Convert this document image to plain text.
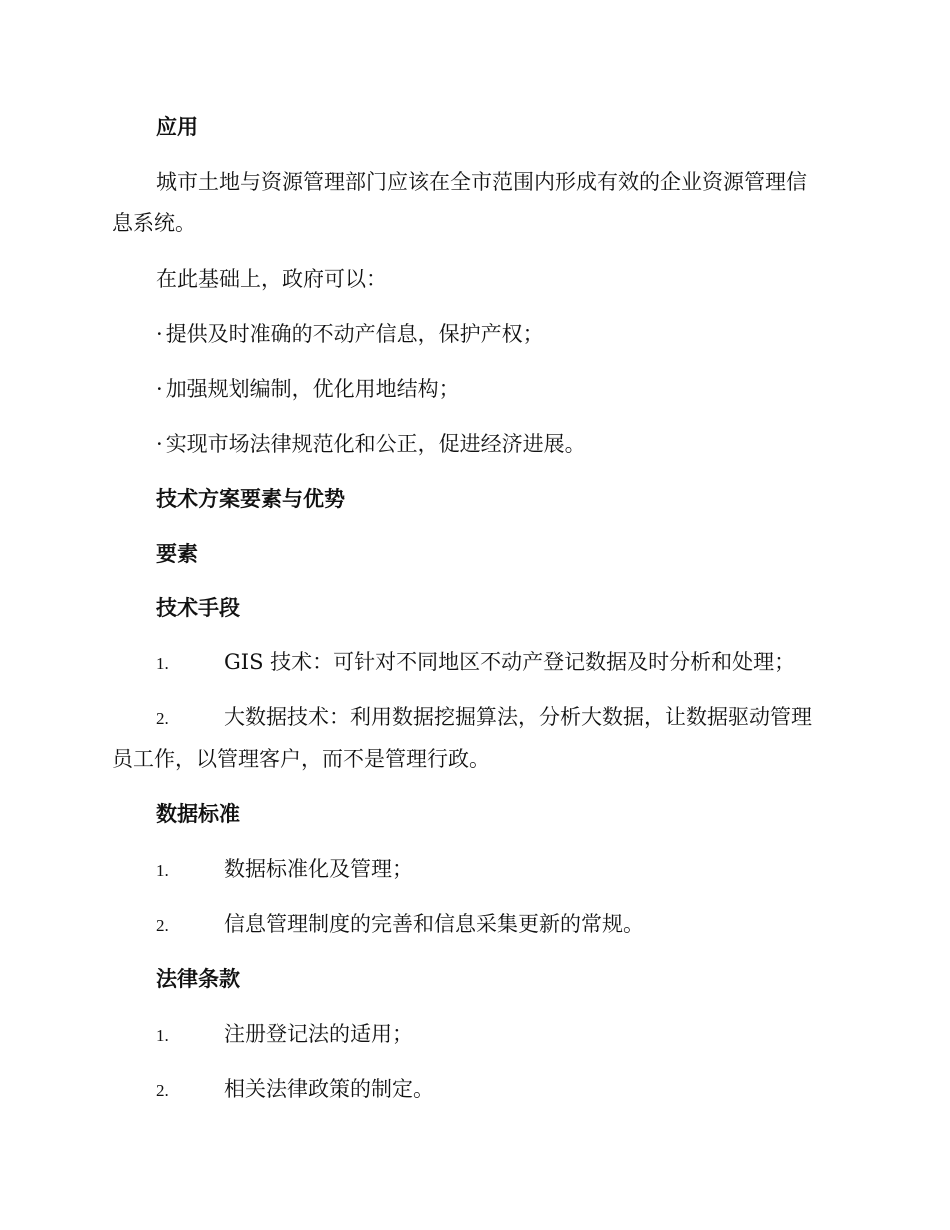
应用
城市土地与资源管理部门应该在全市范围内形成有效的企业资源管理信
息系统。
在此基础上，政府可以：
· 提供及时准确的不动产信息，保护产权；
· 加强规划编制，优化用地结构；
· 实现市场法律规范化和公正，促进经济进展。
技术方案要素与优势
要素
技术手段
1.	GIS 技术：可针对不同地区不动产登记数据及时分析和处理；
2.	大数据技术：利用数据挖掘算法，分析大数据，让数据驱动管理
员工作，以管理客户，而不是管理行政。
数据标准
1.	数据标准化及管理；
2.	信息管理制度的完善和信息采集更新的常规。
法律条款
1.	注册登记法的适用；
2.	相关法律政策的制定。
